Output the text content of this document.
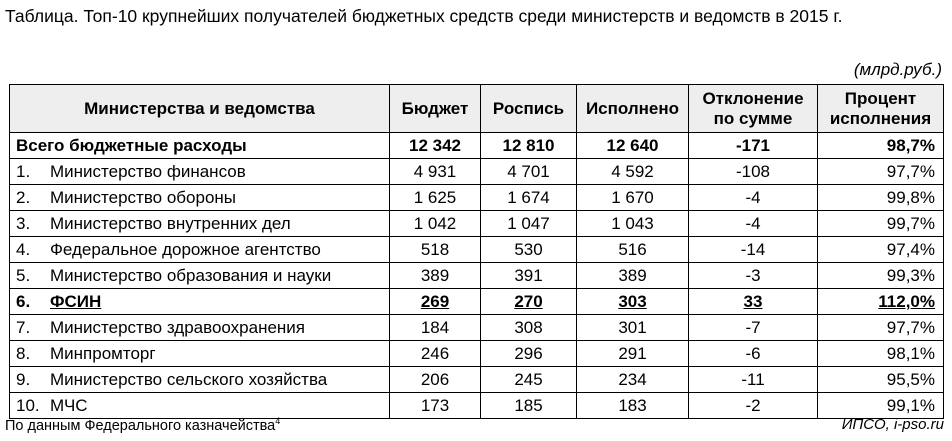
Таблица. Топ-10 крупнейших получателей бюджетных средств среди министерств и ведомств в 2015 г.
(млрд.руб.)
Министерства и ведомства	Бюджет	Роспись	Исполнено	Отклонение по сумме	Процент исполнения
Всего бюджетные расходы	12 342	12 810	12 640	-171	98,7%
1. Министерство финансов	4 931	4 701	4 592	-108	97,7%
2. Министерство обороны	1 625	1 674	1 670	-4	99,8%
3. Министерство внутренних дел	1 042	1 047	1 043	-4	99,7%
4. Федеральное дорожное агентство	518	530	516	-14	97,4%
5. Министерство образования и науки	389	391	389	-3	99,3%
6. ФСИН	269	270	303	33	112,0%
7. Министерство здравоохранения	184	308	301	-7	97,7%
8. Минпромторг	246	296	291	-6	98,1%
9. Министерство сельского хозяйства	206	245	234	-11	95,5%
10. МЧС	173	185	183	-2	99,1%
По данным Федерального казначейства$^4$	ИПСО, i-pso.ru
